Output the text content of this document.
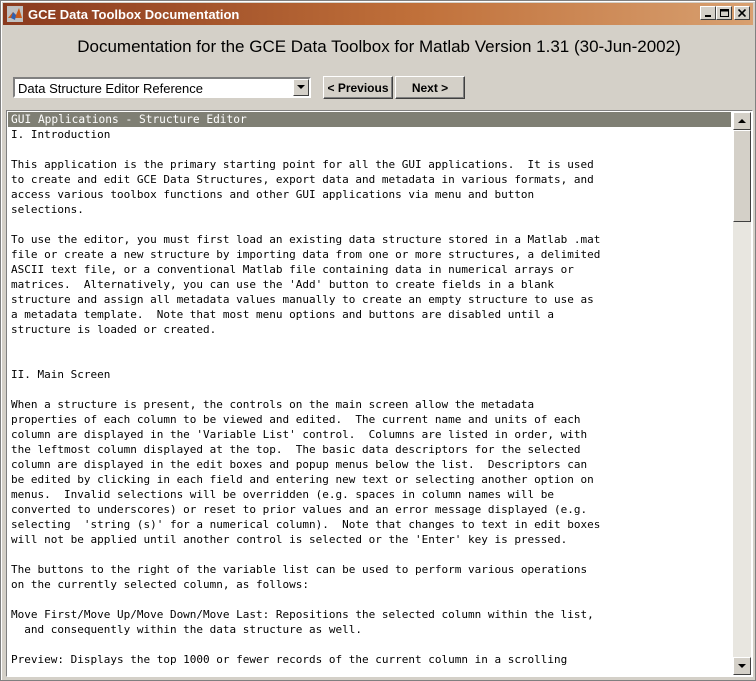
GCE Data Toolbox Documentation
Documentation for the GCE Data Toolbox for Matlab Version 1.31 (30-Jun-2002)
Data Structure Editor Reference	< Previous	Next >
GUI Applications - Structure Editor
I. Introduction

This application is the primary starting point for all the GUI applications.  It is used
to create and edit GCE Data Structures, export data and metadata in various formats, and
access various toolbox functions and other GUI applications via menu and button
selections.

To use the editor, you must first load an existing data structure stored in a Matlab .mat
file or create a new structure by importing data from one or more structures, a delimited
ASCII text file, or a conventional Matlab file containing data in numerical arrays or
matrices.  Alternatively, you can use the 'Add' button to create fields in a blank
structure and assign all metadata values manually to create an empty structure to use as
a metadata template.  Note that most menu options and buttons are disabled until a
structure is loaded or created.

II. Main Screen

When a structure is present, the controls on the main screen allow the metadata
properties of each column to be viewed and edited.  The current name and units of each
column are displayed in the 'Variable List' control.  Columns are listed in order, with
the leftmost column displayed at the top.  The basic data descriptors for the selected
column are displayed in the edit boxes and popup menus below the list.  Descriptors can
be edited by clicking in each field and entering new text or selecting another option on
menus.  Invalid selections will be overridden (e.g. spaces in column names will be
converted to underscores) or reset to prior values and an error message displayed (e.g.
selecting  'string (s)' for a numerical column).  Note that changes to text in edit boxes
will not be applied until another control is selected or the 'Enter' key is pressed.

The buttons to the right of the variable list can be used to perform various operations
on the currently selected column, as follows:

Move First/Move Up/Move Down/Move Last: Repositions the selected column within the list,
and consequently within the data structure as well.

Preview: Displays the top 1000 or fewer records of the current column in a scrolling
